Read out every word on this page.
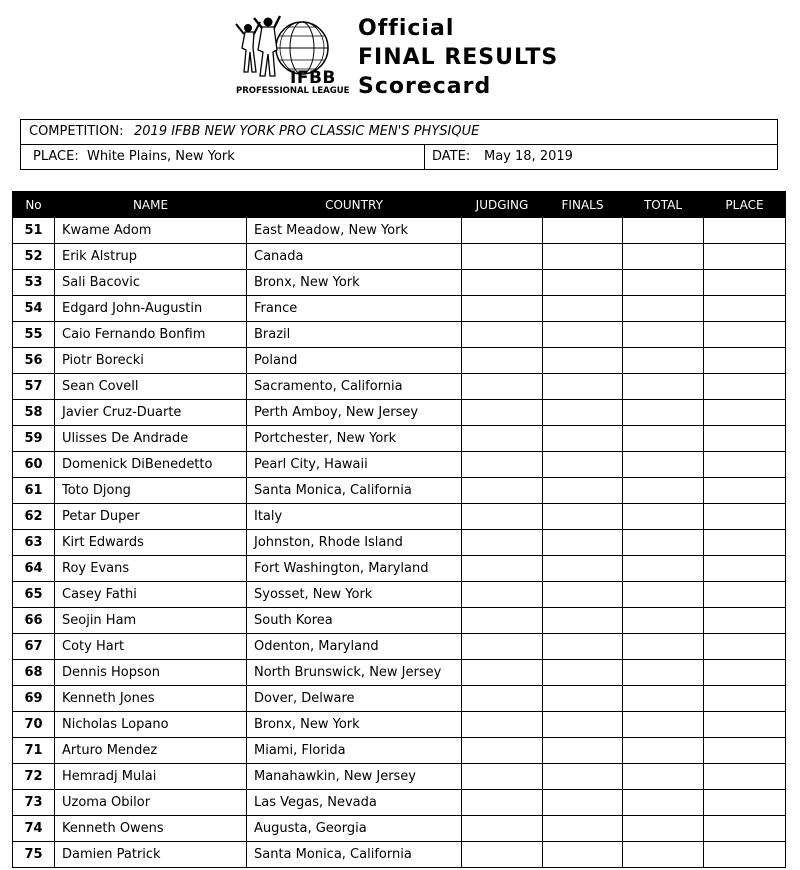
IFBB
PROFESSIONAL LEAGUE
Official
FINAL RESULTS
Scorecard
COMPETITION: 2019 IFBB NEW YORK PRO CLASSIC MEN'S PHYSIQUE
PLACE: White Plains, New York	DATE: May 18, 2019
No	NAME	COUNTRY	JUDGING	FINALS	TOTAL	PLACE
51	Kwame Adom	East Meadow, New York				
52	Erik Alstrup	Canada				
53	Sali Bacovic	Bronx, New York				
54	Edgard John-Augustin	France				
55	Caio Fernando Bonfim	Brazil				
56	Piotr Borecki	Poland				
57	Sean Covell	Sacramento, California				
58	Javier Cruz-Duarte	Perth Amboy, New Jersey				
59	Ulisses De Andrade	Portchester, New York				
60	Domenick DiBenedetto	Pearl City, Hawaii				
61	Toto Djong	Santa Monica, California				
62	Petar Duper	Italy				
63	Kirt Edwards	Johnston, Rhode Island				
64	Roy Evans	Fort Washington, Maryland				
65	Casey Fathi	Syosset, New York				
66	Seojin Ham	South Korea				
67	Coty Hart	Odenton, Maryland				
68	Dennis Hopson	North Brunswick, New Jersey				
69	Kenneth Jones	Dover, Delware				
70	Nicholas Lopano	Bronx, New York				
71	Arturo Mendez	Miami, Florida				
72	Hemradj Mulai	Manahawkin, New Jersey				
73	Uzoma Obilor	Las Vegas, Nevada				
74	Kenneth Owens	Augusta, Georgia				
75	Damien Patrick	Santa Monica, California				
